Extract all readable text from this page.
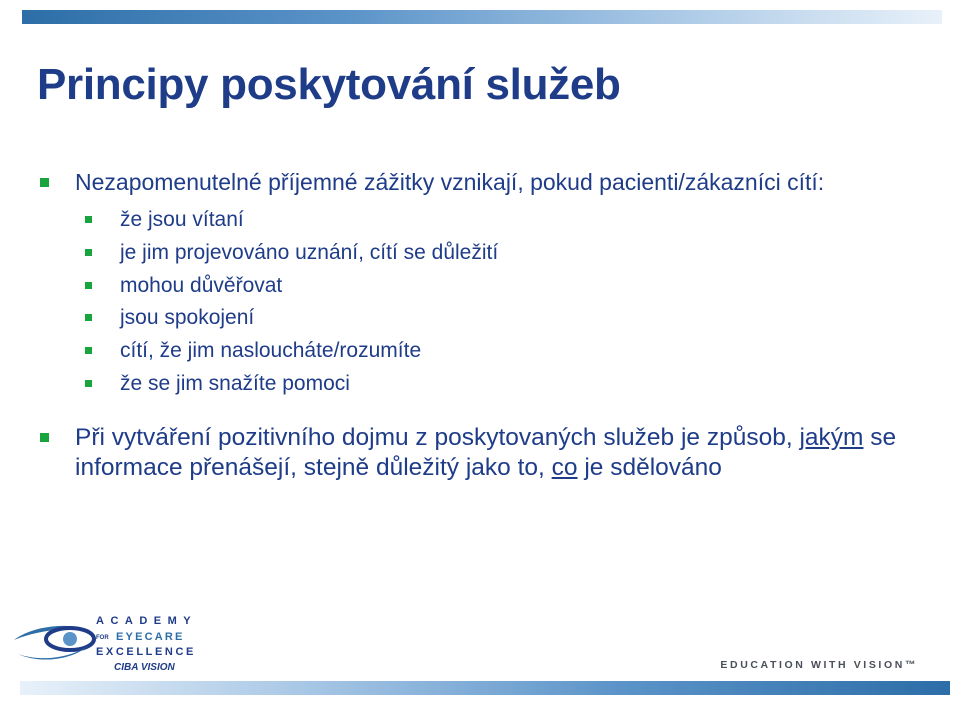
Principy poskytování služeb
Nezapomenutelné příjemné zážitky vznikají, pokud pacienti/zákazníci cítí:
že jsou vítaní
je jim projevováno uznání, cítí se důležití
mohou důvěřovat
jsou spokojení
cítí, že jim nasloucháte/rozumíte
že se jim snažíte pomoci
Při vytváření pozitivního dojmu z poskytovaných služeb je způsob, jakým se informace přenášejí, stejně důležitý jako to, co je sdělováno
ACADEMY
FOR EYECARE
EXCELLENCE
CIBA VISION	EDUCATION WITH VISION™
